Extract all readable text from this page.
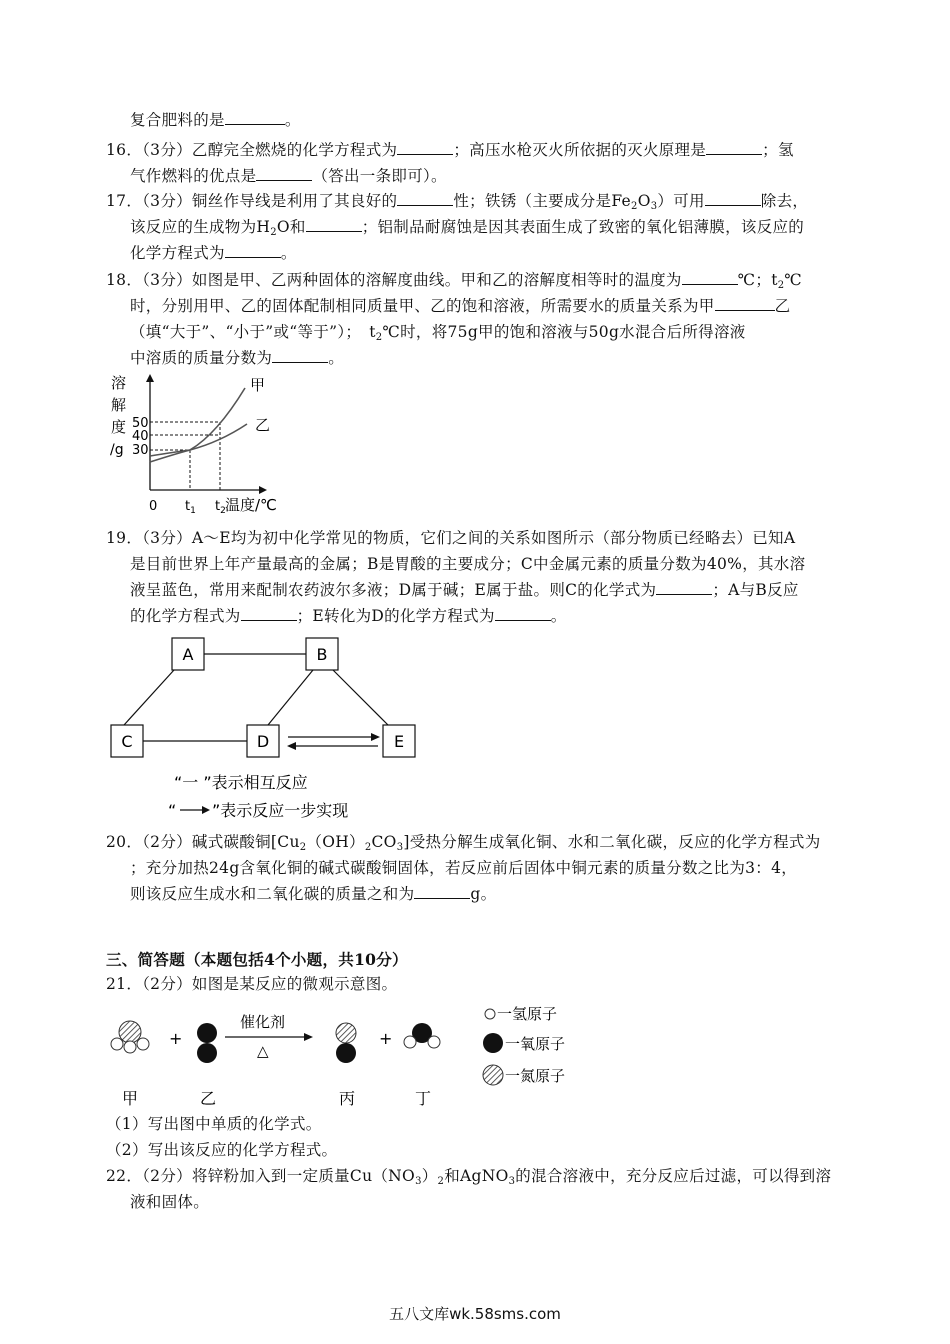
复合肥料的是	。
16．（3分）乙醇完全燃烧的化学方程式为	；高压水枪灭火所依据的灭火原理是	；氢
气作燃料的优点是	（答出一条即可）。
17．（3分）铜丝作导线是利用了其良好的	性；铁锈（主要成分是$Fe_2O_3$）可用	除去，
该反应的生成物为$H_2O$和	；铝制品耐腐蚀是因其表面生成了致密的氧化铝薄膜，该反应的
化学方程式为	。
18．（3分）如图是甲、乙两种固体的溶解度曲线。甲和乙的溶解度相等时的温度为	℃；$t_2℃$
时，分别用甲、乙的固体配制相同质量甲、乙的饱和溶液，所需要水的质量关系为甲	乙
（填“大于”、“小于”或“等于”）；　$t_2℃$时，将75g甲的饱和溶液与50g水混合后所得溶液
中溶质的质量分数为	。
溶
解
度
/g
50
40
30
0 $t_1$ $t_2$ 温度/℃
甲
乙
19．（3分）A～E均为初中化学常见的物质，它们之间的关系如图所示（部分物质已经略去）已知A
是目前世界上年产量最高的金属；B是胃酸的主要成分；C中金属元素的质量分数为40%，其水溶
液呈蓝色，常用来配制农药波尔多液；D属于碱；E属于盐。则C的化学式为	；A与B反应
的化学方程式为	；E转化为D的化学方程式为	。
A	B
C	D	E
“一 ”表示相互反应
“ ”表示反应一步实现
20．（2分）碱式碳酸铜$[Cu_2(OH)_2CO_3]$受热分解生成氧化铜、水和二氧化碳，反应的化学方程式为
；充分加热24g含氧化铜的碱式碳酸铜固体，若反应前后固体中铜元素的质量分数之比为3：4，
则该反应生成水和二氧化碳的质量之和为	g。
三、简答题（本题包括4个小题，共10分）
21．（2分）如图是某反应的微观示意图。
+
催化剂
△
+
甲	乙	丙	丁
一氢原子
一氧原子
一氮原子
（1）写出图中单质的化学式。
（2）写出该反应的化学方程式。
22．（2分）将锌粉加入到一定质量$Cu(NO_3)_2$和AgNO$_3$的混合溶液中，充分反应后过滤，可以得到溶
液和固体。
五八文库wk.58sms.com
